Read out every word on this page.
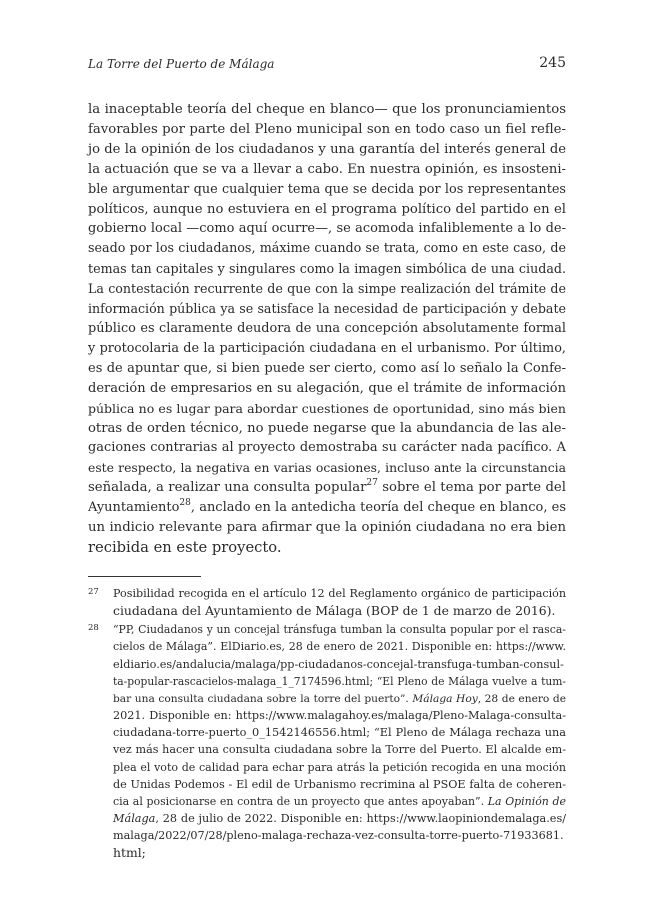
La Torre del Puerto de Málaga	245
la inaceptable teoría del cheque en blanco— que los pronunciamientos
favorables por parte del Pleno municipal son en todo caso un fiel refle-
jo de la opinión de los ciudadanos y una garantía del interés general de
la actuación que se va a llevar a cabo. En nuestra opinión, es insosteni-
ble argumentar que cualquier tema que se decida por los representantes
políticos, aunque no estuviera en el programa político del partido en el
gobierno local —como aquí ocurre—, se acomoda infaliblemente a lo de-
seado por los ciudadanos, máxime cuando se trata, como en este caso, de
temas tan capitales y singulares como la imagen simbólica de una ciudad.
La contestación recurrente de que con la simpe realización del trámite de
información pública ya se satisface la necesidad de participación y debate
público es claramente deudora de una concepción absolutamente formal
y protocolaria de la participación ciudadana en el urbanismo. Por último,
es de apuntar que, si bien puede ser cierto, como así lo señalo la Confe-
deración de empresarios en su alegación, que el trámite de información
pública no es lugar para abordar cuestiones de oportunidad, sino más bien
otras de orden técnico, no puede negarse que la abundancia de las ale-
gaciones contrarias al proyecto demostraba su carácter nada pacífico. A
este respecto, la negativa en varias ocasiones, incluso ante la circunstancia
señalada, a realizar una consulta popular$^{27}$ sobre el tema por parte del
Ayuntamiento$^{28}$, anclado en la antedicha teoría del cheque en blanco, es
un indicio relevante para afirmar que la opinión ciudadana no era bien
recibida en este proyecto.
27 Posibilidad recogida en el artículo 12 del Reglamento orgánico de participación
ciudadana del Ayuntamiento de Málaga (BOP de 1 de marzo de 2016).
28 “PP, Ciudadanos y un concejal tránsfuga tumban la consulta popular por el rasca-
cielos de Málaga”. ElDiario.es, 28 de enero de 2021. Disponible en: https://www.
eldiario.es/andalucia/malaga/pp-ciudadanos-concejal-transfuga-tumban-consul-
ta-popular-rascacielos-malaga_1_7174596.html; “El Pleno de Málaga vuelve a tum-
bar una consulta ciudadana sobre la torre del puerto”. Málaga Hoy, 28 de enero de
2021. Disponible en: https://www.malagahoy.es/malaga/Pleno-Malaga-consulta-
ciudadana-torre-puerto_0_1542146556.html; “El Pleno de Málaga rechaza una
vez más hacer una consulta ciudadana sobre la Torre del Puerto. El alcalde em-
plea el voto de calidad para echar para atrás la petición recogida en una moción
de Unidas Podemos - El edil de Urbanismo recrimina al PSOE falta de coheren-
cia al posicionarse en contra de un proyecto que antes apoyaban”. La Opinión de
Málaga, 28 de julio de 2022. Disponible en: https://www.laopiniondemalaga.es/
malaga/2022/07/28/pleno-malaga-rechaza-vez-consulta-torre-puerto-71933681.
html;
